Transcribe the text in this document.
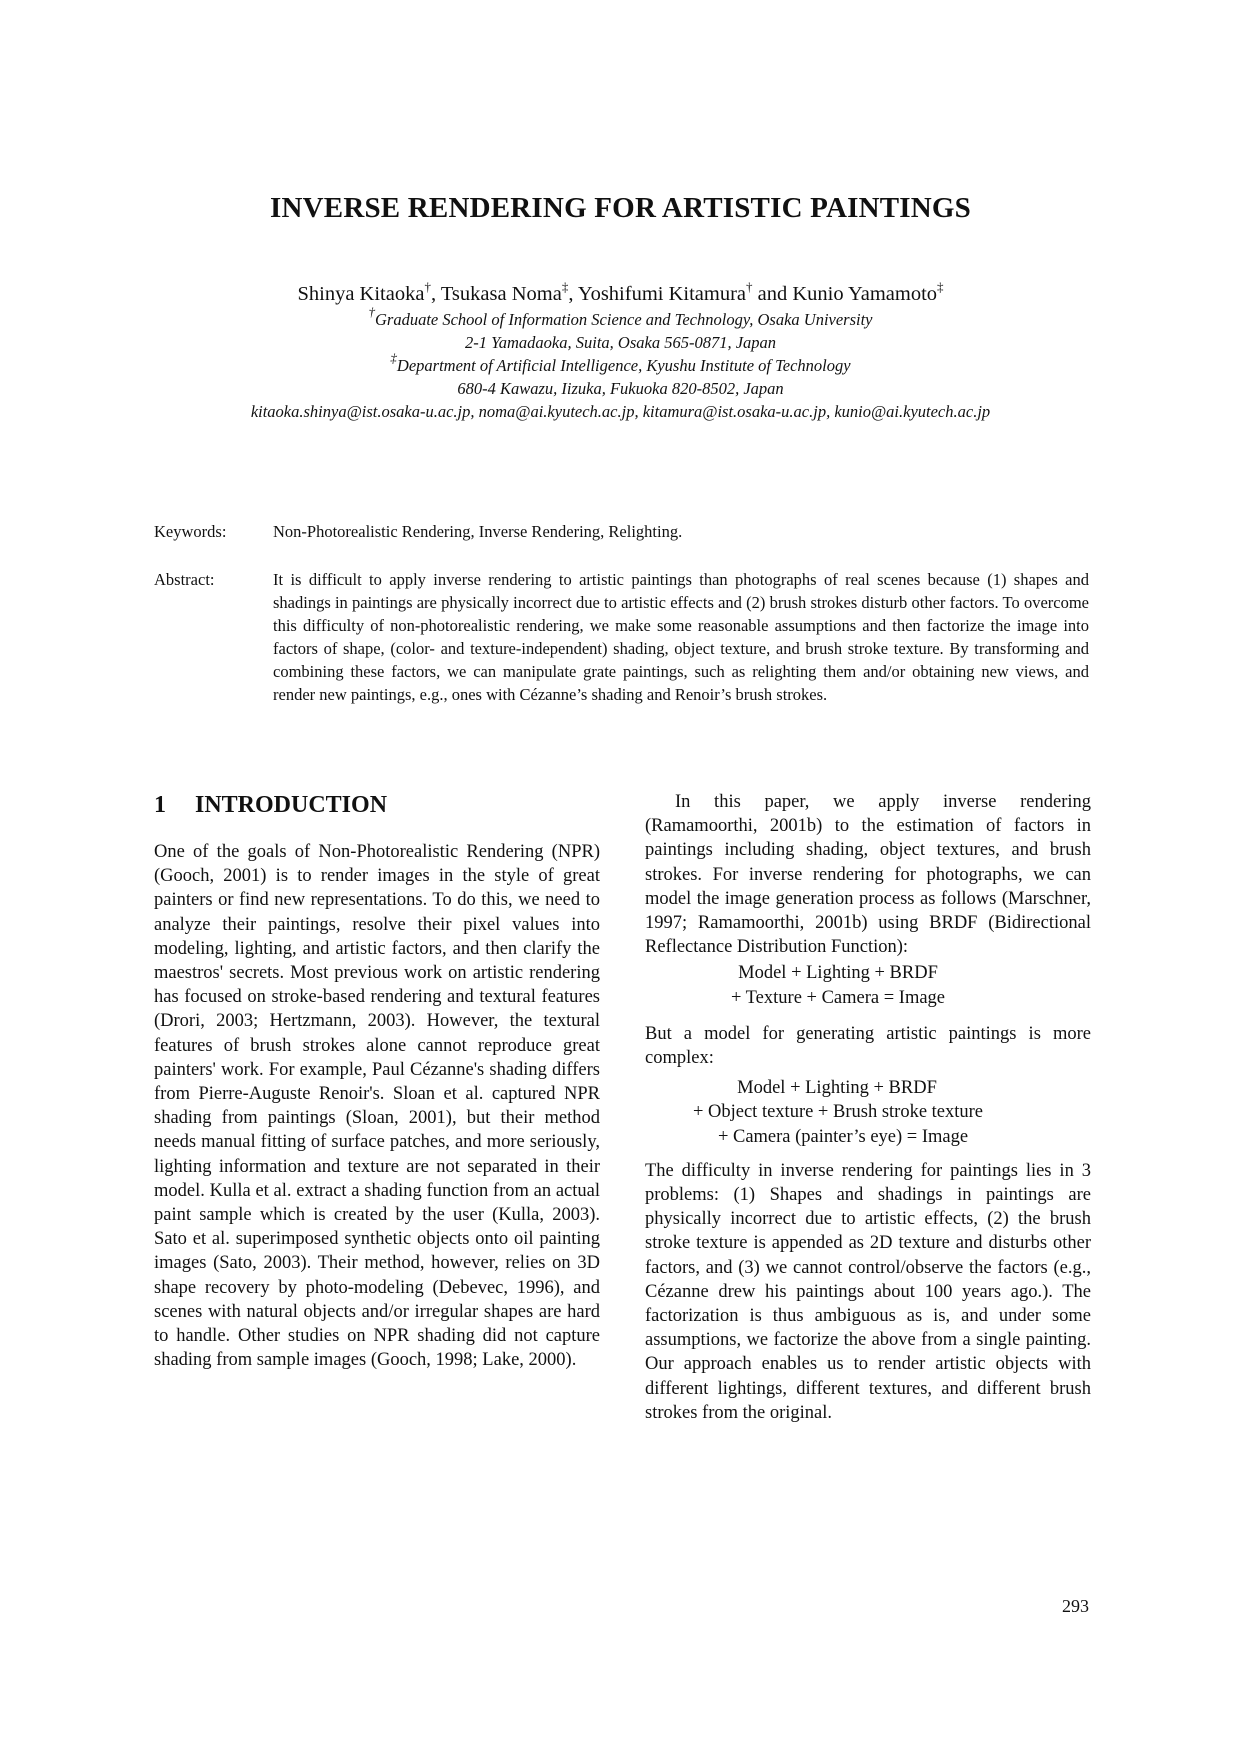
INVERSE RENDERING FOR ARTISTIC PAINTINGS
Shinya Kitaoka†, Tsukasa Noma‡, Yoshifumi Kitamura† and Kunio Yamamoto‡
†Graduate School of Information Science and Technology, Osaka University
2-1 Yamadaoka, Suita, Osaka 565-0871, Japan
‡Department of Artificial Intelligence, Kyushu Institute of Technology
680-4 Kawazu, Iizuka, Fukuoka 820-8502, Japan
kitaoka.shinya@ist.osaka-u.ac.jp, noma@ai.kyutech.ac.jp, kitamura@ist.osaka-u.ac.jp, kunio@ai.kyutech.ac.jp
Keywords:	Non-Photorealistic Rendering, Inverse Rendering, Relighting.
Abstract:	It is difficult to apply inverse rendering to artistic paintings than photographs of real scenes because (1) shapes and shadings in paintings are physically incorrect due to artistic effects and (2) brush strokes disturb other factors. To overcome this difficulty of non-photorealistic rendering, we make some reasonable assumptions and then factorize the image into factors of shape, (color- and texture-independent) shading, object texture, and brush stroke texture. By transforming and combining these factors, we can manipulate grate paintings, such as relighting them and/or obtaining new views, and render new paintings, e.g., ones with Cézanne’s shading and Renoir’s brush strokes.
1	INTRODUCTION

One of the goals of Non-Photorealistic Rendering (NPR) (Gooch, 2001) is to render images in the style of great painters or find new representations. To do this, we need to analyze their paintings, resolve their pixel values into modeling, lighting, and artistic factors, and then clarify the maestros' secrets. Most previous work on artistic rendering has focused on stroke-based rendering and textural features (Drori, 2003; Hertzmann, 2003). However, the textural features of brush strokes alone cannot reproduce great painters' work. For example, Paul Cézanne's shading differs from Pierre-Auguste Renoir's. Sloan et al. captured NPR shading from paintings (Sloan, 2001), but their method needs manual fitting of surface patches, and more seriously, lighting information and texture are not separated in their model. Kulla et al. extract a shading function from an actual paint sample which is created by the user (Kulla, 2003). Sato et al. superimposed synthetic objects onto oil painting images (Sato, 2003). Their method, however, relies on 3D shape recovery by photo-modeling (Debevec, 1996), and scenes with natural objects and/or irregular shapes are hard to handle. Other studies on NPR shading did not capture shading from sample images (Gooch, 1998; Lake, 2000).

In this paper, we apply inverse rendering (Ramamoorthi, 2001b) to the estimation of factors in paintings including shading, object textures, and brush strokes. For inverse rendering for photographs, we can model the image generation process as follows (Marschner, 1997; Ramamoorthi, 2001b) using BRDF (Bidirectional Reflectance Distribution Function):

Model + Lighting + BRDF
+ Texture + Camera = Image

But a model for generating artistic paintings is more complex:

Model + Lighting + BRDF
+ Object texture + Brush stroke texture
+ Camera (painter’s eye) = Image

The difficulty in inverse rendering for paintings lies in 3 problems: (1) Shapes and shadings in paintings are physically incorrect due to artistic effects, (2) the brush stroke texture is appended as 2D texture and disturbs other factors, and (3) we cannot control/observe the factors (e.g., Cézanne drew his paintings about 100 years ago.). The factorization is thus ambiguous as is, and under some assumptions, we factorize the above from a single painting. Our approach enables us to render artistic objects with different lightings, different textures, and different brush strokes from the original.

293
